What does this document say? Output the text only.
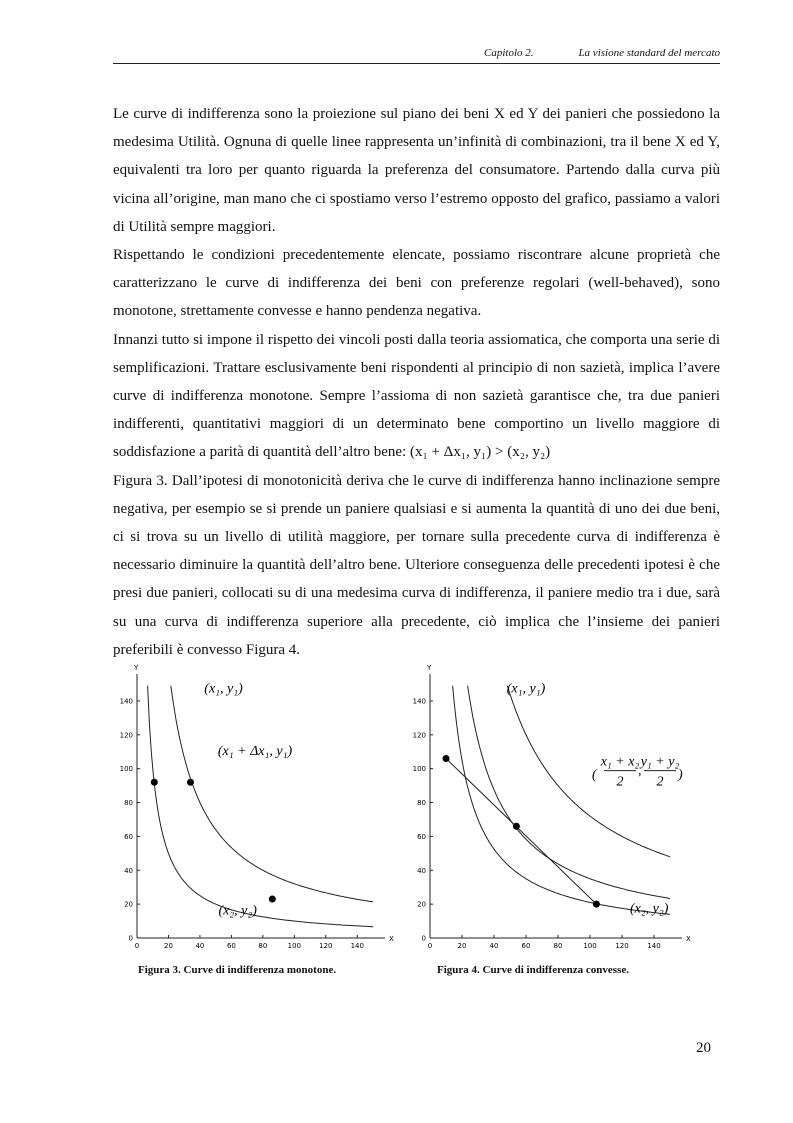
Capitolo 2.	La visione standard del mercato

Le curve di indifferenza sono la proiezione sul piano dei beni X ed Y dei panieri che possiedono la medesima Utilità. Ognuna di quelle linee rappresenta un’infinità di combinazioni, tra il bene X ed Y, equivalenti tra loro per quanto riguarda la preferenza del consumatore. Partendo dalla curva più vicina all’origine, man mano che ci spostiamo verso l’estremo opposto del grafico, passiamo a valori di Utilità sempre maggiori.

Rispettando le condizioni precedentemente elencate, possiamo riscontrare alcune proprietà che caratterizzano le curve di indifferenza dei beni con preferenze regolari (well-behaved), sono monotone, strettamente convesse e hanno pendenza negativa.

Innanzi tutto si impone il rispetto dei vincoli posti dalla teoria assiomatica, che comporta una serie di semplificazioni. Trattare esclusivamente beni rispondenti al principio di non sazietà, implica l’avere curve di indifferenza monotone. Sempre l’assioma di non sazietà garantisce che, tra due panieri indifferenti, quantitativi maggiori di un determinato bene comportino un livello maggiore di soddisfazione a parità di quantità dell’altro bene: (x₁ + Δx₁, y₁) > (x₂, y₂)

Figura 3. Dall’ipotesi di monotonicità deriva che le curve di indifferenza hanno inclinazione sempre negativa, per esempio se si prende un paniere qualsiasi e si aumenta la quantità di uno dei due beni, ci si trova su un livello di utilità maggiore, per tornare sulla precedente curva di indifferenza è necessario diminuire la quantità dell’altro bene. Ulteriore conseguenza delle precedenti ipotesi è che presi due panieri, collocati su di una medesima curva di indifferenza, il paniere medio tra i due, sarà su una curva di indifferenza superiore alla precedente, ciò implica che l’insieme dei panieri preferibili è convesso Figura 4.

X
Y
0	20	40	60	80	100	120	140
0
20
40
60
80
100
120
140
(x₁, y₁)
(x₁ + Δx₁, y₁)
(x₂, y₂)
X
Y
0	20	40	60	80	100	120	140
0
20
40
60
80
100
120
140
(x₁, y₁)
(
x₁ + x₂
2
,
y₁ + y₂
2 )
(x₂, y₂)
Figura 3. Curve di indifferenza monotone.	Figura 4. Curve di indifferenza convesse.
20
